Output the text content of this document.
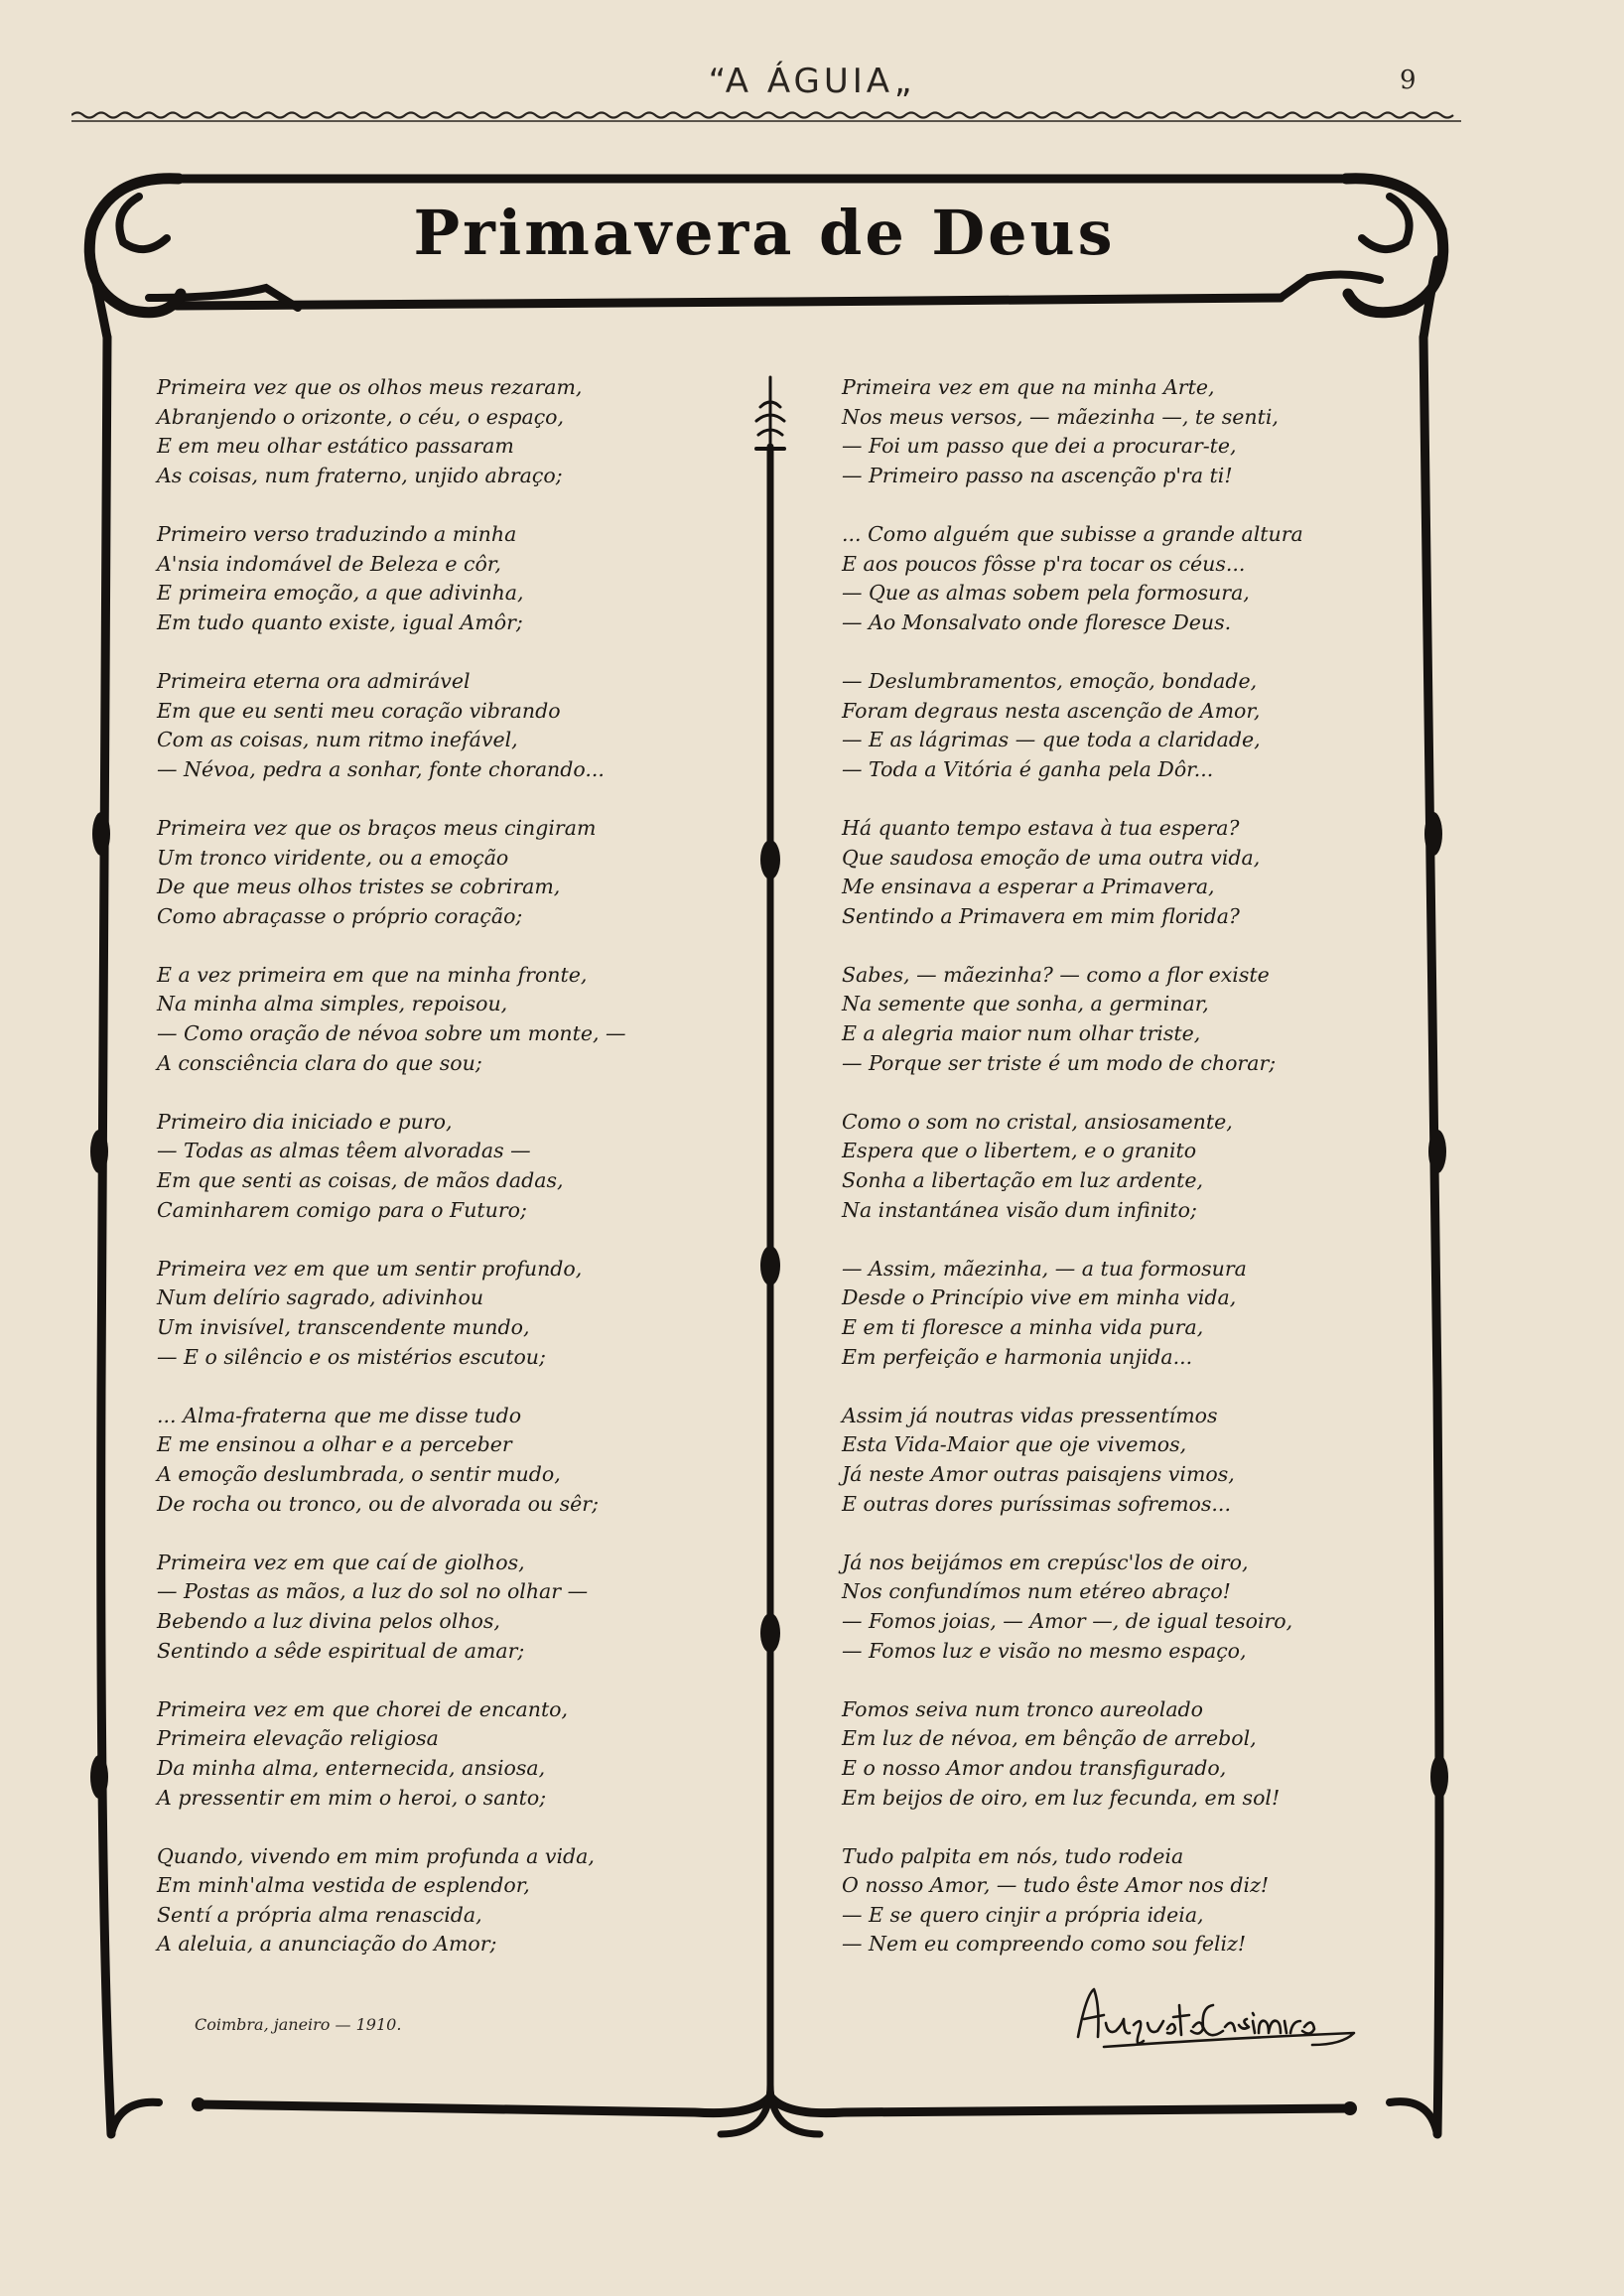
“A ÁGUIA„	9
Primavera de Deus
Primeira vez que os olhos meus rezaram,
Abranjendo o orizonte, o céu, o espaço,
E em meu olhar estático passaram
As coisas, num fraterno, unjido abraço;
Primeiro verso traduzindo a minha
A'nsia indomável de Beleza e côr,
E primeira emoção, a que adivinha,
Em tudo quanto existe, igual Amôr;
Primeira eterna ora admirável
Em que eu senti meu coração vibrando
Com as coisas, num ritmo inefável,
— Névoa, pedra a sonhar, fonte chorando...
Primeira vez que os braços meus cingiram
Um tronco viridente, ou a emoção
De que meus olhos tristes se cobriram,
Como abraçasse o próprio coração;
E a vez primeira em que na minha fronte,
Na minha alma simples, repoisou,
— Como oração de névoa sobre um monte, —
A consciência clara do que sou;
Primeiro dia iniciado e puro,
— Todas as almas têem alvoradas —
Em que senti as coisas, de mãos dadas,
Caminharem comigo para o Futuro;
Primeira vez em que um sentir profundo,
Num delírio sagrado, adivinhou
Um invisível, transcendente mundo,
— E o silêncio e os mistérios escutou;
... Alma-fraterna que me disse tudo
E me ensinou a olhar e a perceber
A emoção deslumbrada, o sentir mudo,
De rocha ou tronco, ou de alvorada ou sêr;
Primeira vez em que caí de giolhos,
— Postas as mãos, a luz do sol no olhar —
Bebendo a luz divina pelos olhos,
Sentindo a sêde espiritual de amar;
Primeira vez em que chorei de encanto,
Primeira elevação religiosa
Da minha alma, enternecida, ansiosa,
A pressentir em mim o heroi, o santo;
Quando, vivendo em mim profunda a vida,
Em minh'alma vestida de esplendor,
Sentí a própria alma renascida,
A aleluia, a anunciação do Amor;
Primeira vez em que na minha Arte,
Nos meus versos, — mãezinha —, te senti,
— Foi um passo que dei a procurar-te,
— Primeiro passo na ascenção p'ra ti!
... Como alguém que subisse a grande altura
E aos poucos fôsse p'ra tocar os céus...
— Que as almas sobem pela formosura,
— Ao Monsalvato onde floresce Deus.
— Deslumbramentos, emoção, bondade,
Foram degraus nesta ascenção de Amor,
— E as lágrimas — que toda a claridade,
— Toda a Vitória é ganha pela Dôr...
Há quanto tempo estava à tua espera?
Que saudosa emoção de uma outra vida,
Me ensinava a esperar a Primavera,
Sentindo a Primavera em mim florida?
Sabes, — mãezinha? — como a flor existe
Na semente que sonha, a germinar,
E a alegria maior num olhar triste,
— Porque ser triste é um modo de chorar;
Como o som no cristal, ansiosamente,
Espera que o libertem, e o granito
Sonha a libertação em luz ardente,
Na instantánea visão dum infinito;
— Assim, mãezinha, — a tua formosura
Desde o Princípio vive em minha vida,
E em ti floresce a minha vida pura,
Em perfeição e harmonia unjida...
Assim já noutras vidas pressentímos
Esta Vida-Maior que oje vivemos,
Já neste Amor outras paisajens vimos,
E outras dores puríssimas sofremos...
Já nos beijámos em crepúsc'los de oiro,
Nos confundímos num etéreo abraço!
— Fomos joias, — Amor —, de igual tesoiro,
— Fomos luz e visão no mesmo espaço,
Fomos seiva num tronco aureolado
Em luz de névoa, em bênção de arrebol,
E o nosso Amor andou transfigurado,
Em beijos de oiro, em luz fecunda, em sol!
Tudo palpita em nós, tudo rodeia
O nosso Amor, — tudo êste Amor nos diz!
— E se quero cinjir a própria ideia,
— Nem eu compreendo como sou feliz!
Coimbra, janeiro — 1910.
